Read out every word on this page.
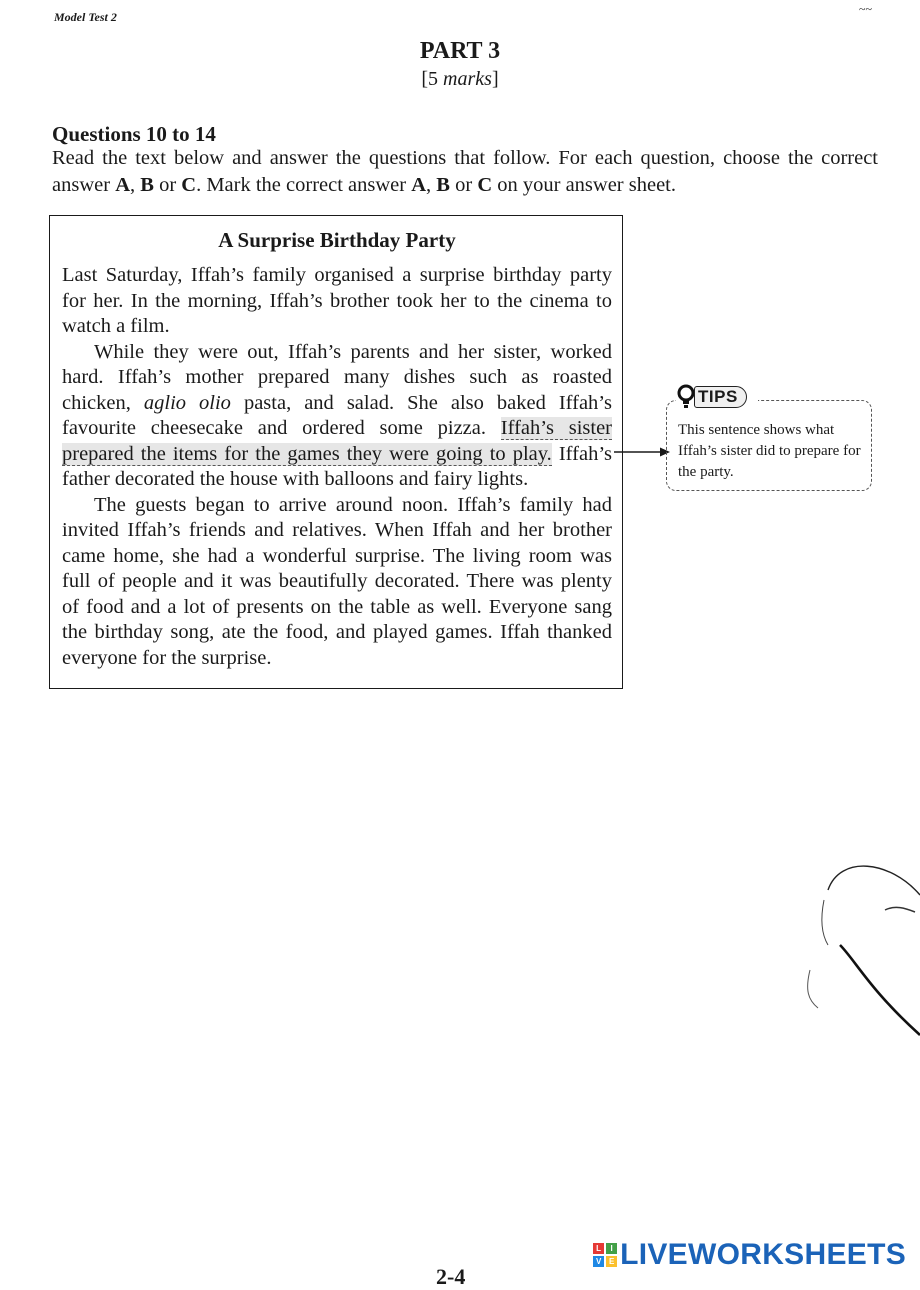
Model Test 2
~~
PART 3
[5 marks]
Questions 10 to 14
Read the text below and answer the questions that follow. For each question, choose the correct answer A, B or C. Mark the correct answer A, B or C on your answer sheet.
A Surprise Birthday Party

Last Saturday, Iffah’s family organised a surprise birthday party for her. In the morning, Iffah’s brother took her to the cinema to watch a film.

While they were out, Iffah’s parents and her sister, worked hard. Iffah’s mother prepared many dishes such as roasted chicken, aglio olio pasta, and salad. She also baked Iffah’s favourite cheesecake and ordered some pizza. Iffah’s sister prepared the items for the games they were going to play. Iffah’s father decorated the house with balloons and fairy lights.

The guests began to arrive around noon. Iffah’s family had invited Iffah’s friends and relatives. When Iffah and her brother came home, she had a wonderful surprise. The living room was full of people and it was beautifully decorated. There was plenty of food and a lot of presents on the table as well. Everyone sang the birthday song, ate the food, and played games. Iffah thanked everyone for the surprise.

TIPS
This sentence shows what Iffah’s sister did to prepare for the party.
L	I
V E LIVEWORKSHEETS
2-4
